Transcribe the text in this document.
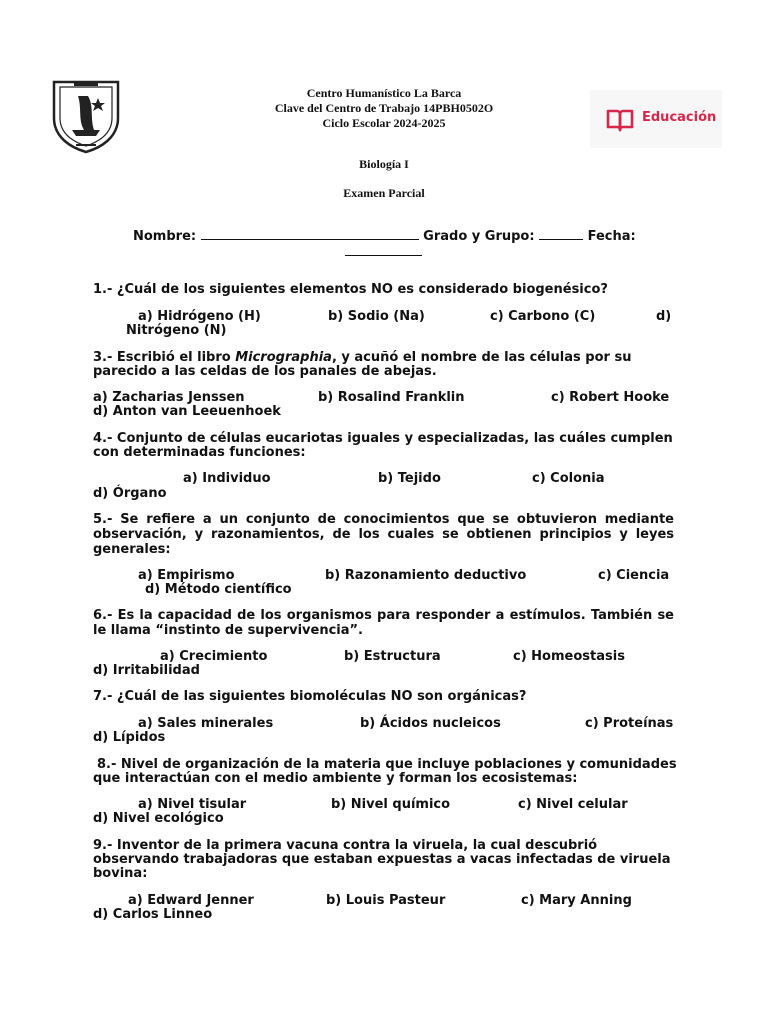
Centro Humanístico La Barca
Clave del Centro de Trabajo 14PBH0502O
Ciclo Escolar 2024-2025	Educación
Biología I
Examen Parcial
Nombre:	Grado y Grupo:	Fecha:
1.- ¿Cuál de los siguientes elementos NO es considerado biogenésico?
a) Hidrógeno (H)	b) Sodio (Na)	c) Carbono (C)	d)
Nitrógeno (N)
3.- Escribió el libro Micrographia, y acuñó el nombre de las células por su
parecido a las celdas de los panales de abejas.
a) Zacharias Jenssen	b) Rosalind Franklin	c) Robert Hooke
d) Anton van Leeuenhoek
4.- Conjunto de células eucariotas iguales y especializadas, las cuáles cumplen
con determinadas funciones:
a) Individuo	b) Tejido	c) Colonia
d) Órgano
5.- Se refiere a un conjunto de conocimientos que se obtuvieron mediante observación, y razonamientos, de los cuales se obtienen principios y leyes generales:
a) Empirismo	b) Razonamiento deductivo	c) Ciencia
d) Método científico
6.- Es la capacidad de los organismos para responder a estímulos. También se le llama “instinto de supervivencia”.
a) Crecimiento	b) Estructura	c) Homeostasis
d) Irritabilidad
7.- ¿Cuál de las siguientes biomoléculas NO son orgánicas?
a) Sales minerales	b) Ácidos nucleicos	c) Proteínas
d) Lípidos
8.- Nivel de organización de la materia que incluye poblaciones y comunidades
que interactúan con el medio ambiente y forman los ecosistemas:
a) Nivel tisular	b) Nivel químico	c) Nivel celular
d) Nivel ecológico
9.- Inventor de la primera vacuna contra la viruela, la cual descubrió
observando trabajadoras que estaban expuestas a vacas infectadas de viruela
bovina:
a) Edward Jenner	b) Louis Pasteur	c) Mary Anning
d) Carlos Linneo
